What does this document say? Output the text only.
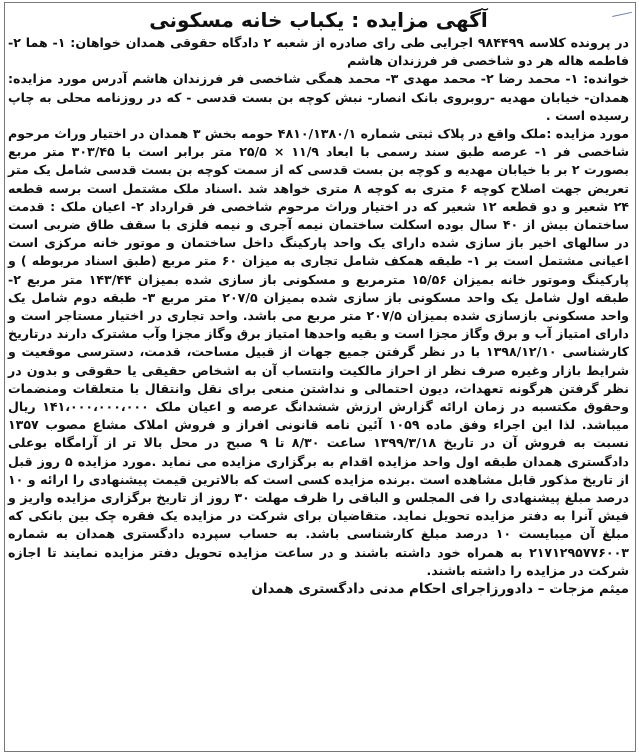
آگهی مزایده : یکباب خانه مسکونی

در پرونده کلاسه ۹۸۴۴۹۹ اجرایی طی رای صادره از شعبه ۲ دادگاه حقوقی همدان خواهان: ۱- هما ۲- فاطمه هاله هر دو شاخصی فر فرزندان هاشم

خوانده: ۱- محمد رضا ۲- محمد مهدی ۳- محمد همگی شاخصی فر فرزندان هاشم آدرس مورد مزایده: همدان- خیابان مهدیه -روبروی بانک انصار- نبش کوچه بن بست قدسی - که در روزنامه محلی به چاپ رسیده است .

مورد مزایده :ملک واقع در پلاک ثبتی شماره ۴۸۱۰/۱۳۸۰/۱ حومه بخش ۳ همدان در اختیار وراث مرحوم شاخصی فر ۱- عرصه طبق سند رسمی با ابعاد ۱۱/۹ × ۲۵/۵ متر برابر است با ۳۰۳/۴۵ متر مربع بصورت ۲ بر با خیابان مهدیه و کوچه بن بست قدسی که از سمت کوچه بن بست قدسی شامل یک متر تعریض جهت اصلاح کوچه ۶ متری به کوچه ۸ متری خواهد شد .اسناد ملک مشتمل است برسه قطعه ۲۴ شعیر و دو قطعه ۱۲ شعیر که در اختیار وراث مرحوم شاخصی فر قرارداد ۲- اعیان ملک : قدمت ساختمان بیش از ۴۰ سال بوده اسکلت ساختمان نیمه آجری و نیمه فلزی با سقف طاق ضربی است در سالهای اخیر باز سازی شده دارای یک واحد پارکینگ داخل ساختمان و موتور خانه مرکزی است اعیانی مشتمل است بر ۱- طبقه همکف شامل تجاری به میزان ۶۰ متر مربع (طبق اسناد مربوطه ) و پارکینگ وموتور خانه بمیزان ۱۵/۵۶ مترمربع و مسکونی باز سازی شده بمیزان ۱۴۳/۴۴ متر مربع ۲- طبقه اول شامل یک واحد مسکونی باز سازی شده بمیزان ۲۰۷/۵ متر مربع ۳- طبقه دوم شامل یک واحد مسکونی بازسازی شده بمیزان ۲۰۷/۵ متر مربع می باشد. واحد تجاری در اختیار مستاجر است و دارای امتیاز آب و برق وگاز مجزا است و بقیه واحدها امتیاز برق وگاز مجزا وآب مشترک دارند درتاریخ کارشناسی ۱۳۹۸/۱۲/۱۰ با در نظر گرفتن جمیع جهات از قبیل مساحت، قدمت، دسترسی موقعیت و شرایط بازار وغیره صرف نظر از احراز مالکیت وانتساب آن به اشخاص حقیقی یا حقوقی و بدون در نظر گرفتن هرگونه تعهدات، دیون احتمالی و نداشتن منعی برای نقل وانتقال با متعلقات ومنضمات وحقوق مکتسبه در زمان ارائه گزارش ارزش ششدانگ عرصه و اعیان ملک ۱۴۱،۰۰۰،۰۰۰،۰۰۰ ریال میباشد. لذا این اجراء وفق ماده ۱۰۵۹ آئین نامه قانونی افراز و فروش املاک مشاع مصوب ۱۳۵۷ نسبت به فروش آن در تاریخ ۱۳۹۹/۳/۱۸ ساعت ۸/۳۰ تا ۹ صبح در محل بالا تر از آرامگاه بوعلی دادگستری همدان طبقه اول واحد مزایده اقدام به برگزاری مزایده می نماید .مورد مزایده ۵ روز قبل از تاریخ مذکور قابل مشاهده است .برنده مزایده کسی است که بالاترین قیمت پیشنهادی را ارائه و ۱۰ درصد مبلغ پیشنهادی را فی المجلس و الباقی را ظرف مهلت ۳۰ روز از تاریخ برگزاری مزایده واریز و فیش آنرا به دفتر مزایده تحویل نماید. متقاضیان برای شرکت در مزایده یک فقره چک بین بانکی که مبلغ آن میبایست ۱۰ درصد مبلغ کارشناسی باشد. به حساب سپرده دادگستری همدان به شماره ۲۱۷۱۲۹۵۷۷۶۰۰۳ به همراه خود داشته باشند و در ساعت مزایده تحویل دفتر مزایده نمایند تا اجازه شرکت در مزایده را داشته باشند.

میثم مزجات – دادورزاجرای احکام مدنی دادگستری همدان
